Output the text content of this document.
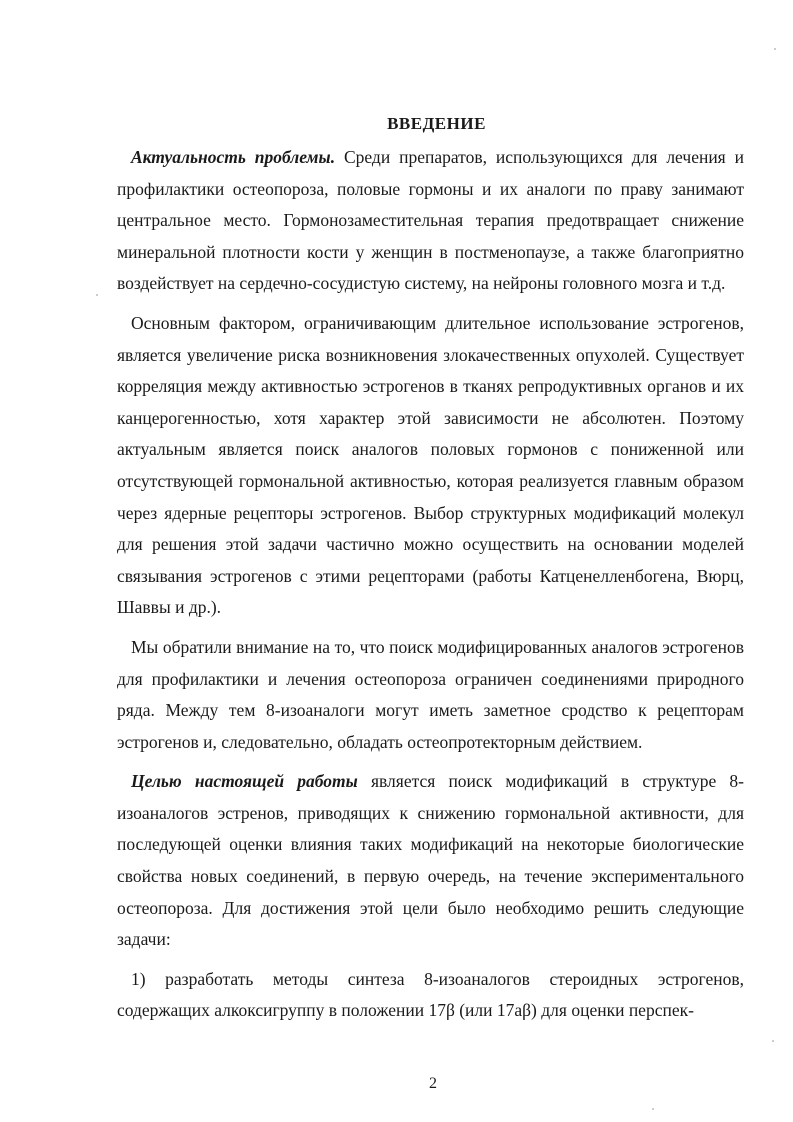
ВВЕДЕНИЕ

Актуальность проблемы. Среди препаратов, использующихся для лечения и профилактики остеопороза, половые гормоны и их аналоги по праву занимают центральное место. Гормонозаместительная терапия предотвращает снижение минеральной плотности кости у женщин в постменопаузе, а также благоприятно воздействует на сердечно-сосудистую систему, на нейроны головного мозга и т.д.

Основным фактором, ограничивающим длительное использование эстрогенов, является увеличение риска возникновения злокачественных опухолей. Существует корреляция между активностью эстрогенов в тканях репродуктивных органов и их канцерогенностью, хотя характер этой зависимости не абсолютен. Поэтому актуальным является поиск аналогов половых гормонов с пониженной или отсутствующей гормональной активностью, которая реализуется главным образом через ядерные рецепторы эстрогенов. Выбор структурных модификаций молекул для решения этой задачи частично можно осуществить на основании моделей связывания эстрогенов с этими рецепторами (работы Катценелленбогена, Вюрц, Шаввы и др.).

Мы обратили внимание на то, что поиск модифицированных аналогов эстрогенов для профилактики и лечения остеопороза ограничен соединениями природного ряда. Между тем 8-изоаналоги могут иметь заметное сродство к рецепторам эстрогенов и, следовательно, обладать остеопротекторным действием.

Целью настоящей работы является поиск модификаций в структуре 8-изоаналогов эстренов, приводящих к снижению гормональной активности, для последующей оценки влияния таких модификаций на некоторые биологические свойства новых соединений, в первую очередь, на течение экспериментального остеопороза. Для достижения этой цели было необходимо решить следующие задачи:

1) разработать методы синтеза 8-изоаналогов стероидных эстрогенов, содержащих алкоксигруппу в положении 17β (или 17аβ) для оценки перспек-

2
